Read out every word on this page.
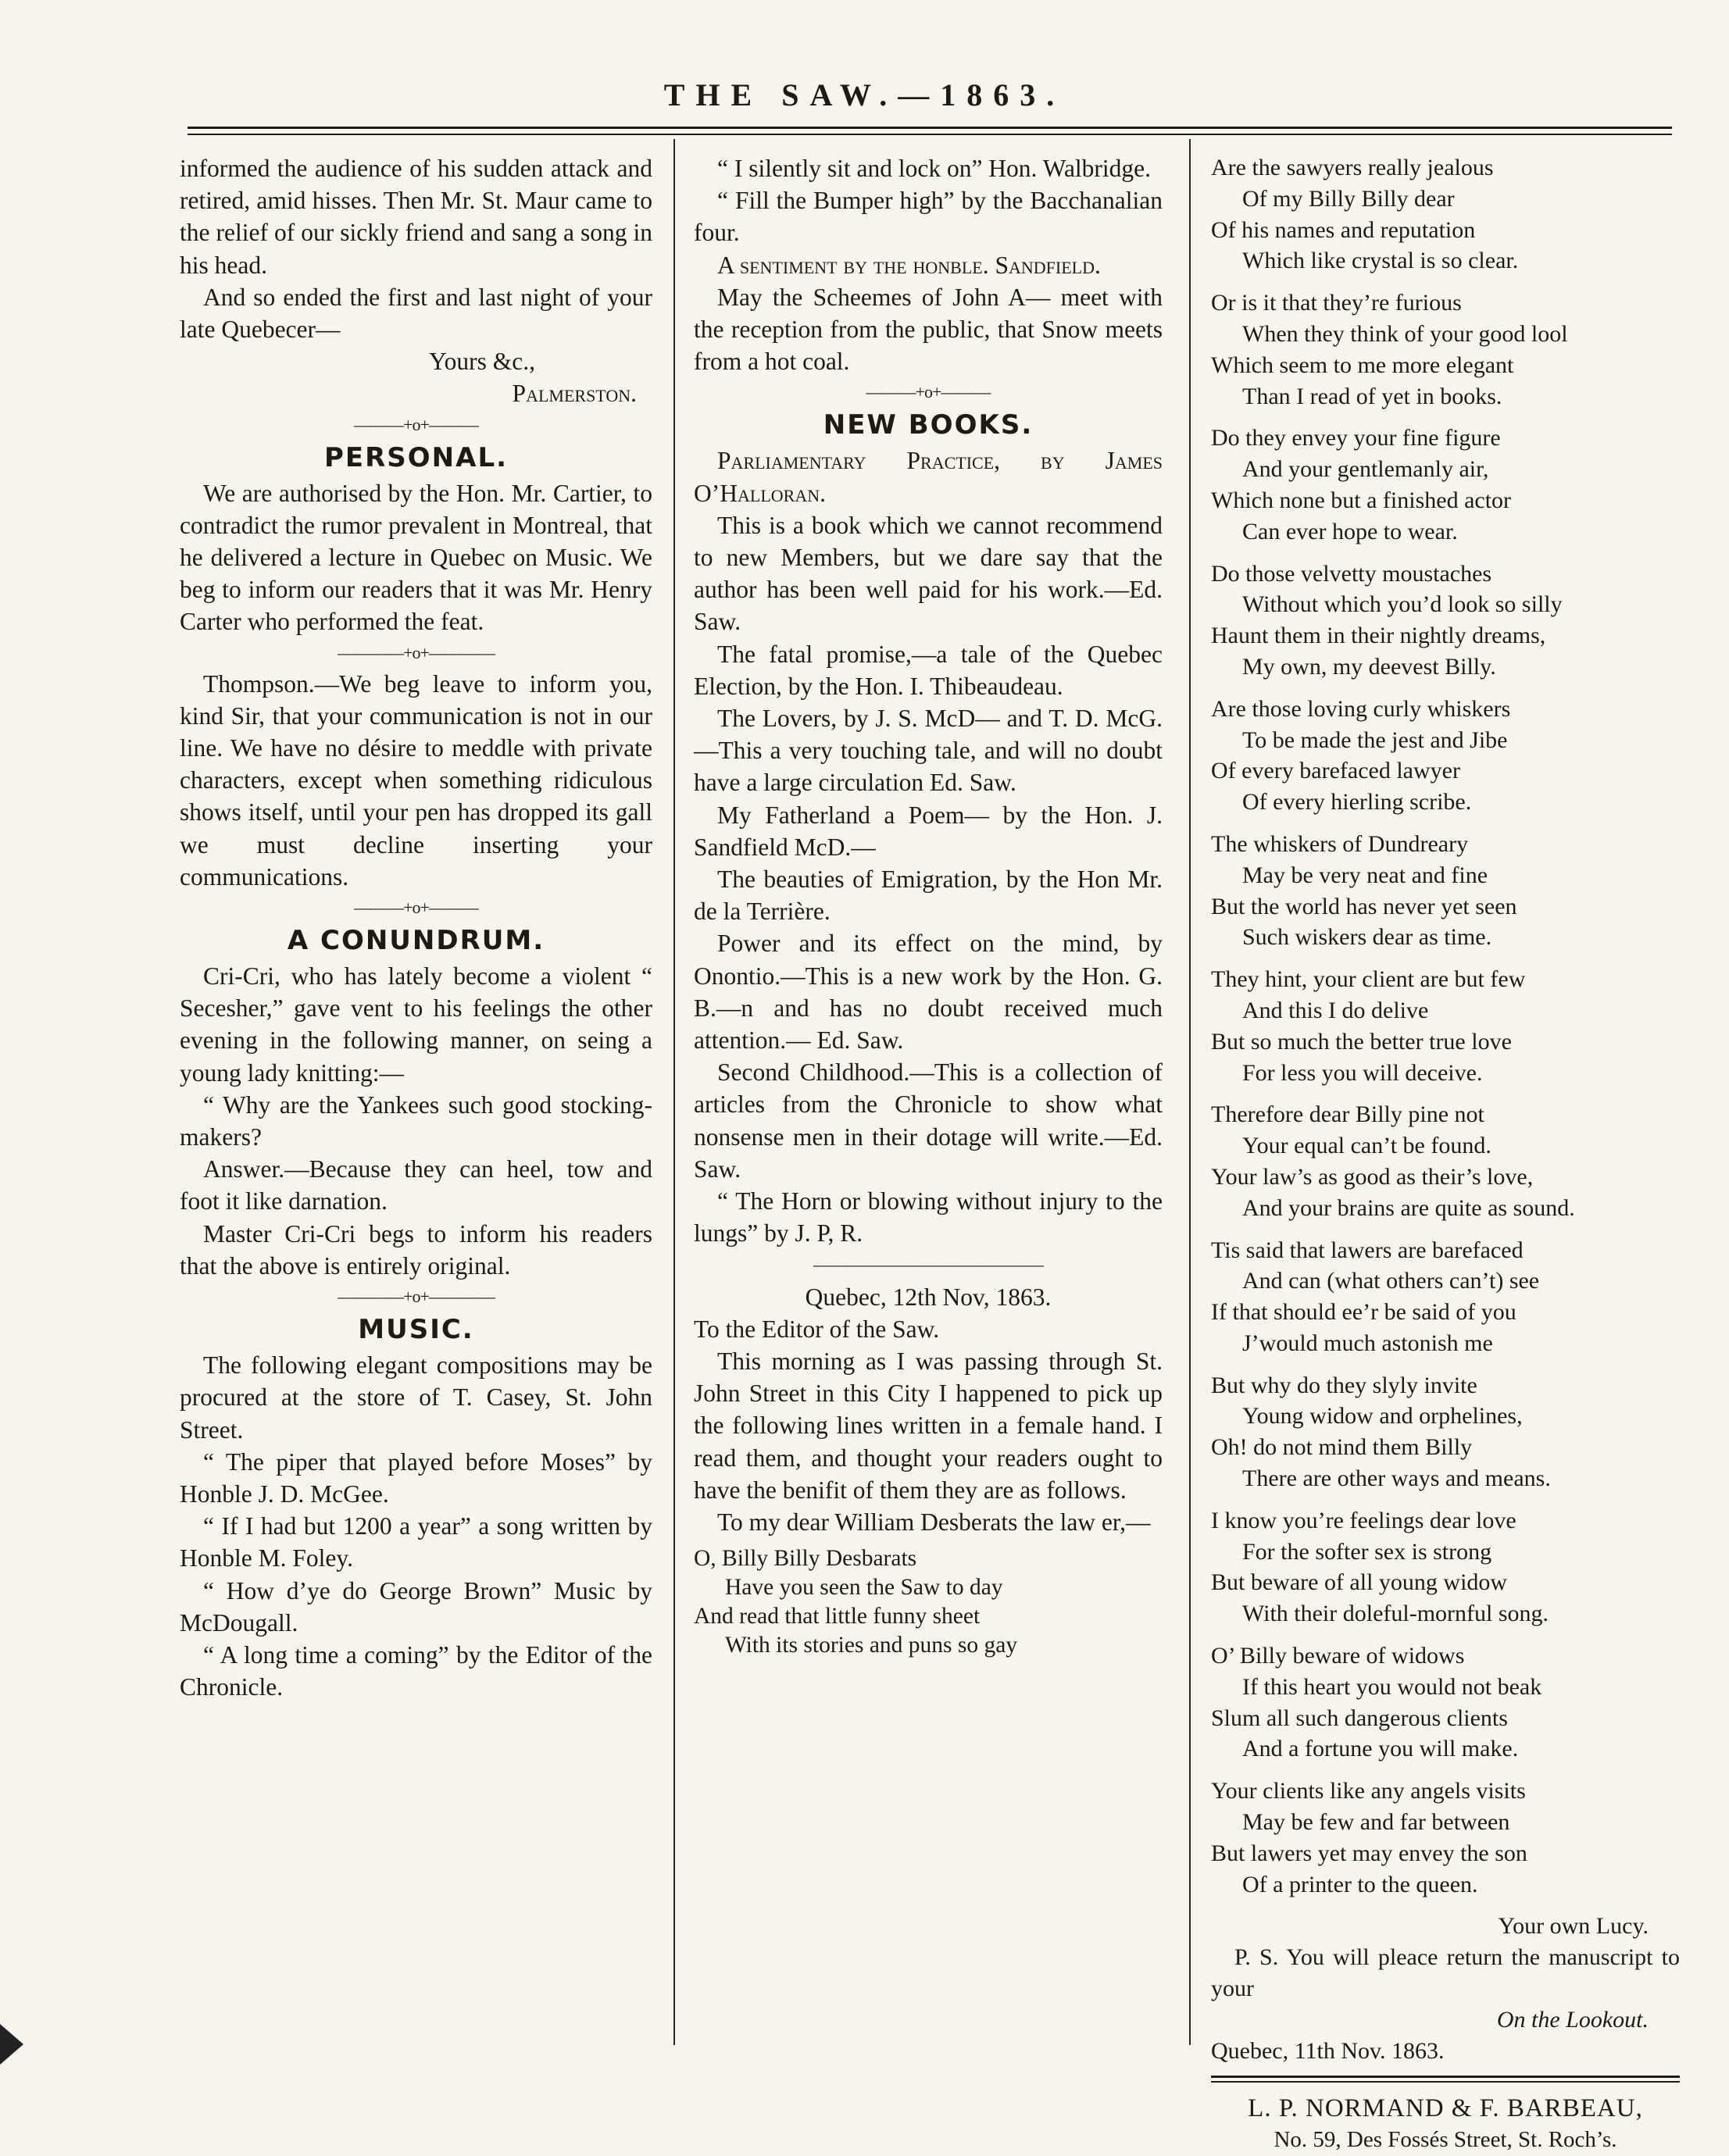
THE SAW.—1863.

informed the audience of his sudden attack and retired, amid hisses. Then Mr. St. Maur came to the relief of our sickly friend and sang a song in his head.

And so ended the first and last night of your late Quebecer—

Yours &c.,

Palmerston.

———+o+———
PERSONAL.

We are authorised by the Hon. Mr. Cartier, to contradict the rumor prevalent in Montreal, that he delivered a lecture in Quebec on Music. We beg to inform our readers that it was Mr. Henry Carter who performed the feat.

————+o+————

Thompson.—We beg leave to inform you, kind Sir, that your communication is not in our line. We have no désire to meddle with private characters, except when something ridiculous shows itself, until your pen has dropped its gall we must decline inserting your communications.

———+o+———
A CONUNDRUM.

Cri-Cri, who has lately become a violent “ Secesher,” gave vent to his feelings the other evening in the following manner, on seing a young lady knitting:—

“ Why are the Yankees such good stocking-makers?

Answer.—Because they can heel, tow and foot it like darnation.

Master Cri-Cri begs to inform his readers that the above is entirely original.

————+o+————
MUSIC.

The following elegant compositions may be procured at the store of T. Casey, St. John Street.

“ The piper that played before Moses” by Honble J. D. McGee.

“ If I had but 1200 a year” a song written by Honble M. Foley.

“ How d’ye do George Brown” Music by McDougall.

“ A long time a coming” by the Editor of the Chronicle.

“ I silently sit and lock on” Hon. Walbridge.

“ Fill the Bumper high” by the Bacchanalian four.

A sentiment by the honble. Sandfield.

May the Scheemes of John A— meet with the reception from the public, that Snow meets from a hot coal.

———+o+———
NEW BOOKS.

Parliamentary Practice, by James O’Halloran.

This is a book which we cannot recommend to new Members, but we dare say that the author has been well paid for his work.—Ed. Saw.

The fatal promise,—a tale of the Quebec Election, by the Hon. I. Thibeaudeau.

The Lovers, by J. S. McD— and T. D. McG.—This a very touching tale, and will no doubt have a large circulation Ed. Saw.

My Fatherland a Poem— by the Hon. J. Sandfield McD.—

The beauties of Emigration, by the Hon Mr. de la Terrière.

Power and its effect on the mind, by Onontio.—This is a new work by the Hon. G. B.—n and has no doubt received much attention.— Ed. Saw.

Second Childhood.—This is a collection of articles from the Chronicle to show what nonsense men in their dotage will write.—Ed. Saw.

“ The Horn or blowing without injury to the lungs” by J. P, R.

——————————————

Quebec, 12th Nov, 1863.

To the Editor of the Saw.

This morning as I was passing through St. John Street in this City I happened to pick up the following lines written in a female hand. I read them, and thought your readers ought to have the benifit of them they are as follows.

To my dear William Desberats the law er,—

O, Billy Billy Desbarats
Have you seen the Saw to day
And read that little funny sheet
With its stories and puns so gay
Are the sawyers really jealous
Of my Billy Billy dear
Of his names and reputation
Which like crystal is so clear.
Or is it that they’re furious
When they think of your good lool
Which seem to me more elegant
Than I read of yet in books.
Do they envey your fine figure
And your gentlemanly air,
Which none but a finished actor
Can ever hope to wear.
Do those velvetty moustaches
Without which you’d look so silly
Haunt them in their nightly dreams,
My own, my deevest Billy.
Are those loving curly whiskers
To be made the jest and Jibe
Of every barefaced lawyer
Of every hierling scribe.
The whiskers of Dundreary
May be very neat and fine
But the world has never yet seen
Such wiskers dear as time.
They hint, your client are but few
And this I do delive
But so much the better true love
For less you will deceive.
Therefore dear Billy pine not
Your equal can’t be found.
Your law’s as good as their’s love,
And your brains are quite as sound.
Tis said that lawers are barefaced
And can (what others can’t) see
If that should ee’r be said of you
J’would much astonish me
But why do they slyly invite
Young widow and orphelines,
Oh! do not mind them Billy
There are other ways and means.
I know you’re feelings dear love
For the softer sex is strong
But beware of all young widow
With their doleful-mornful song.
O’ Billy beware of widows
If this heart you would not beak
Slum all such dangerous clients
And a fortune you will make.
Your clients like any angels visits
May be few and far between
But lawers yet may envey the son
Of a printer to the queen.

Your own Lucy.

P. S. You will pleace return the manuscript to your

On the Lookout.

Quebec, 11th Nov. 1863.

L. P. NORMAND & F. BARBEAU,

No. 59, Des Fossés Street, St. Roch’s.
